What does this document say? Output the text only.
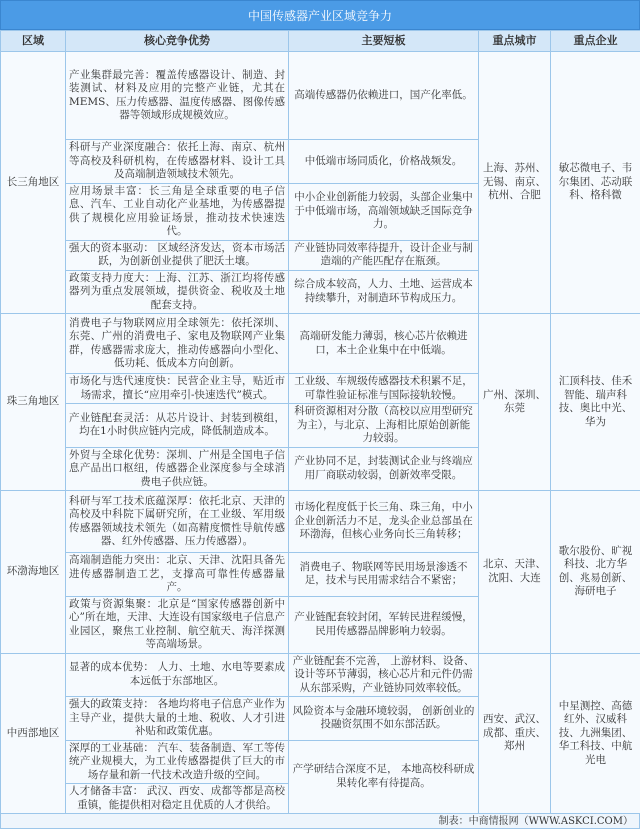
中国传感器产业区域竞争力
区域	核心竞争优势	主要短板	重点城市	重点企业
长三角地区	产业集群最完善：覆盖传感器设计、制造、封装测试、材料及应用的完整产业链，尤其在MEMS、压力传感器、温度传感器、图像传感器等领域形成规模效应。	高端传感器仍依赖进口，国产化率低。	上海、苏州、无锡、南京、杭州、合肥	敏芯微电子、韦尔集团、芯动联科、格科微
	科研与产业深度融合：依托上海、南京、杭州等高校及科研机构，在传感器材料、设计工具及高端制造领域技术领先。	中低端市场同质化，价格战频发。		
	应用场景丰富：长三角是全球重要的电子信息、汽车、工业自动化产业基地，为传感器提供了规模化应用验证场景，推动技术快速迭代。	中小企业创新能力较弱，头部企业集中于中低端市场，高端领域缺乏国际竞争力。		
	强大的资本驱动： 区域经济发达，资本市场活跃，为创新创业提供了肥沃土壤。	产业链协同效率待提升，设计企业与制造端的产能匹配存在瓶颈。		
	政策支持力度大：上海、江苏、浙江均将传感器列为重点发展领域，提供资金、税收及土地配套支持。	综合成本较高，人力、土地、运营成本持续攀升，对制造环节构成压力。		
珠三角地区	消费电子与物联网应用全球领先：依托深圳、东莞、广州的消费电子、家电及物联网产业集群，传感器需求庞大，推动传感器向小型化、低功耗、低成本方向创新。	高端研发能力薄弱，核心芯片依赖进口，本土企业集中在中低端。	广州、深圳、东莞	汇顶科技、佳禾智能、瑞声科技、奥比中光、华为
	市场化与迭代速度快：民营企业主导，贴近市场需求，擅长“应用牵引-快速迭代”模式。	工业级、车规级传感器技术积累不足，可靠性验证标准与国际接轨较慢。		
	产业链配套灵活：从芯片设计、封装到模组，均在1小时供应链内完成，降低制造成本。	科研资源相对分散（高校以应用型研究为主），与北京、上海相比原始创新能力较弱。		
	外贸与全球化优势：深圳、广州是全国电子信息产品出口枢纽，传感器企业深度参与全球消费电子供应链。	产业协同不足，封装测试企业与终端应用厂商联动较弱，创新效率受限。		
环渤海地区	科研与军工技术底蕴深厚：依托北京、天津的高校及中科院下属研究所，在工业级、军用级传感器领域技术领先（如高精度惯性导航传感器、红外传感器、压力传感器）。	市场化程度低于长三角、珠三角，中小企业创新活力不足，龙头企业总部虽在环渤海，但核心业务向长三角转移；	北京、天津、沈阳、大连	歌尔股份、旷视科技、北方华创、兆易创新、海研电子
	高端制造能力突出：北京、天津、沈阳具备先进传感器制造工艺，支撑高可靠性传感器量产。	消费电子、物联网等民用场景渗透不足，技术与民用需求结合不紧密；		
	政策与资源集聚：北京是“国家传感器创新中心”所在地，天津、大连设有国家级电子信息产业园区，聚焦工业控制、航空航天、海洋探测等高端场景。	产业链配套较封闭，军转民进程缓慢，民用传感器品牌影响力较弱。		
中西部地区	显著的成本优势： 人力、土地、水电等要素成本远低于东部地区。	产业链配套不完善， 上游材料、设备、设计等环节薄弱，核心芯片和元件仍需从东部采购，产业链协同效率较低。	西安、武汉、成都、重庆、郑州	中星测控、高德红外、汉威科技、九洲集团、华工科技、中航光电
	强大的政策支持： 各地均将电子信息产业作为主导产业，提供大量的土地、税收、人才引进补贴和政策优惠。	风险资本与金融环境较弱， 创新创业的投融资氛围不如东部活跃。		
	深厚的工业基础： 汽车、装备制造、军工等传统产业规模大，为工业传感器提供了巨大的市场存量和新一代技术改造升级的空间。	产学研结合深度不足， 本地高校科研成果转化率有待提高。		
	人才储备丰富： 武汉、西安、成都等都是高校重镇，能提供相对稳定且优质的人才供给。			
制表：中商情报网（WWW.ASKCI.COM）
